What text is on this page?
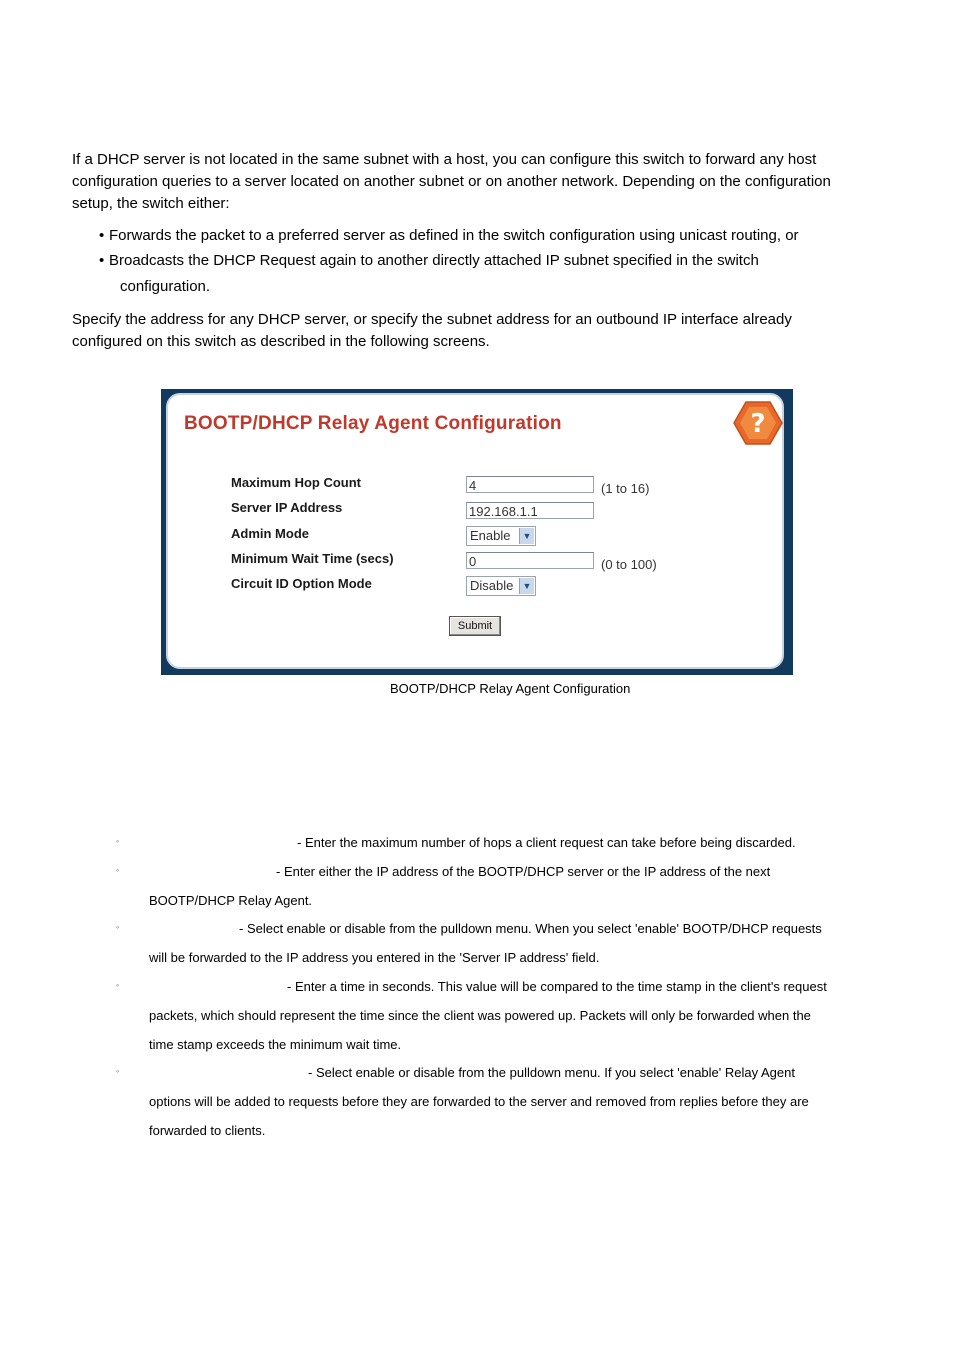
If a DHCP server is not located in the same subnet with a host, you can configure this switch to forward any host
configuration queries to a server located on another subnet or on another network. Depending on the configuration
setup, the switch either:
• Forwards the packet to a preferred server as defined in the switch configuration using unicast routing, or
• Broadcasts the DHCP Request again to another directly attached IP subnet specified in the switch
configuration.
Specify the address for any DHCP server, or specify the subnet address for an outbound IP interface already
configured on this switch as described in the following screens.
BOOTP/DHCP Relay Agent Configuration	?
Maximum Hop Count	4	(1 to 16)
Server IP Address	192.168.1.1
Admin Mode	Enable	▼
Minimum Wait Time (secs)	0	(0 to 100)
Circuit ID Option Mode	Disable	▼
Submit
BOOTP/DHCP Relay Agent Configuration
◦	- Enter the maximum number of hops a client request can take before being discarded.
◦	- Enter either the IP address of the BOOTP/DHCP server or the IP address of the next
BOOTP/DHCP Relay Agent.
◦	- Select enable or disable from the pulldown menu. When you select 'enable' BOOTP/DHCP requests
will be forwarded to the IP address you entered in the 'Server IP address' field.
◦	- Enter a time in seconds. This value will be compared to the time stamp in the client's request
packets, which should represent the time since the client was powered up. Packets will only be forwarded when the
time stamp exceeds the minimum wait time.
◦	- Select enable or disable from the pulldown menu. If you select 'enable' Relay Agent
options will be added to requests before they are forwarded to the server and removed from replies before they are
forwarded to clients.
